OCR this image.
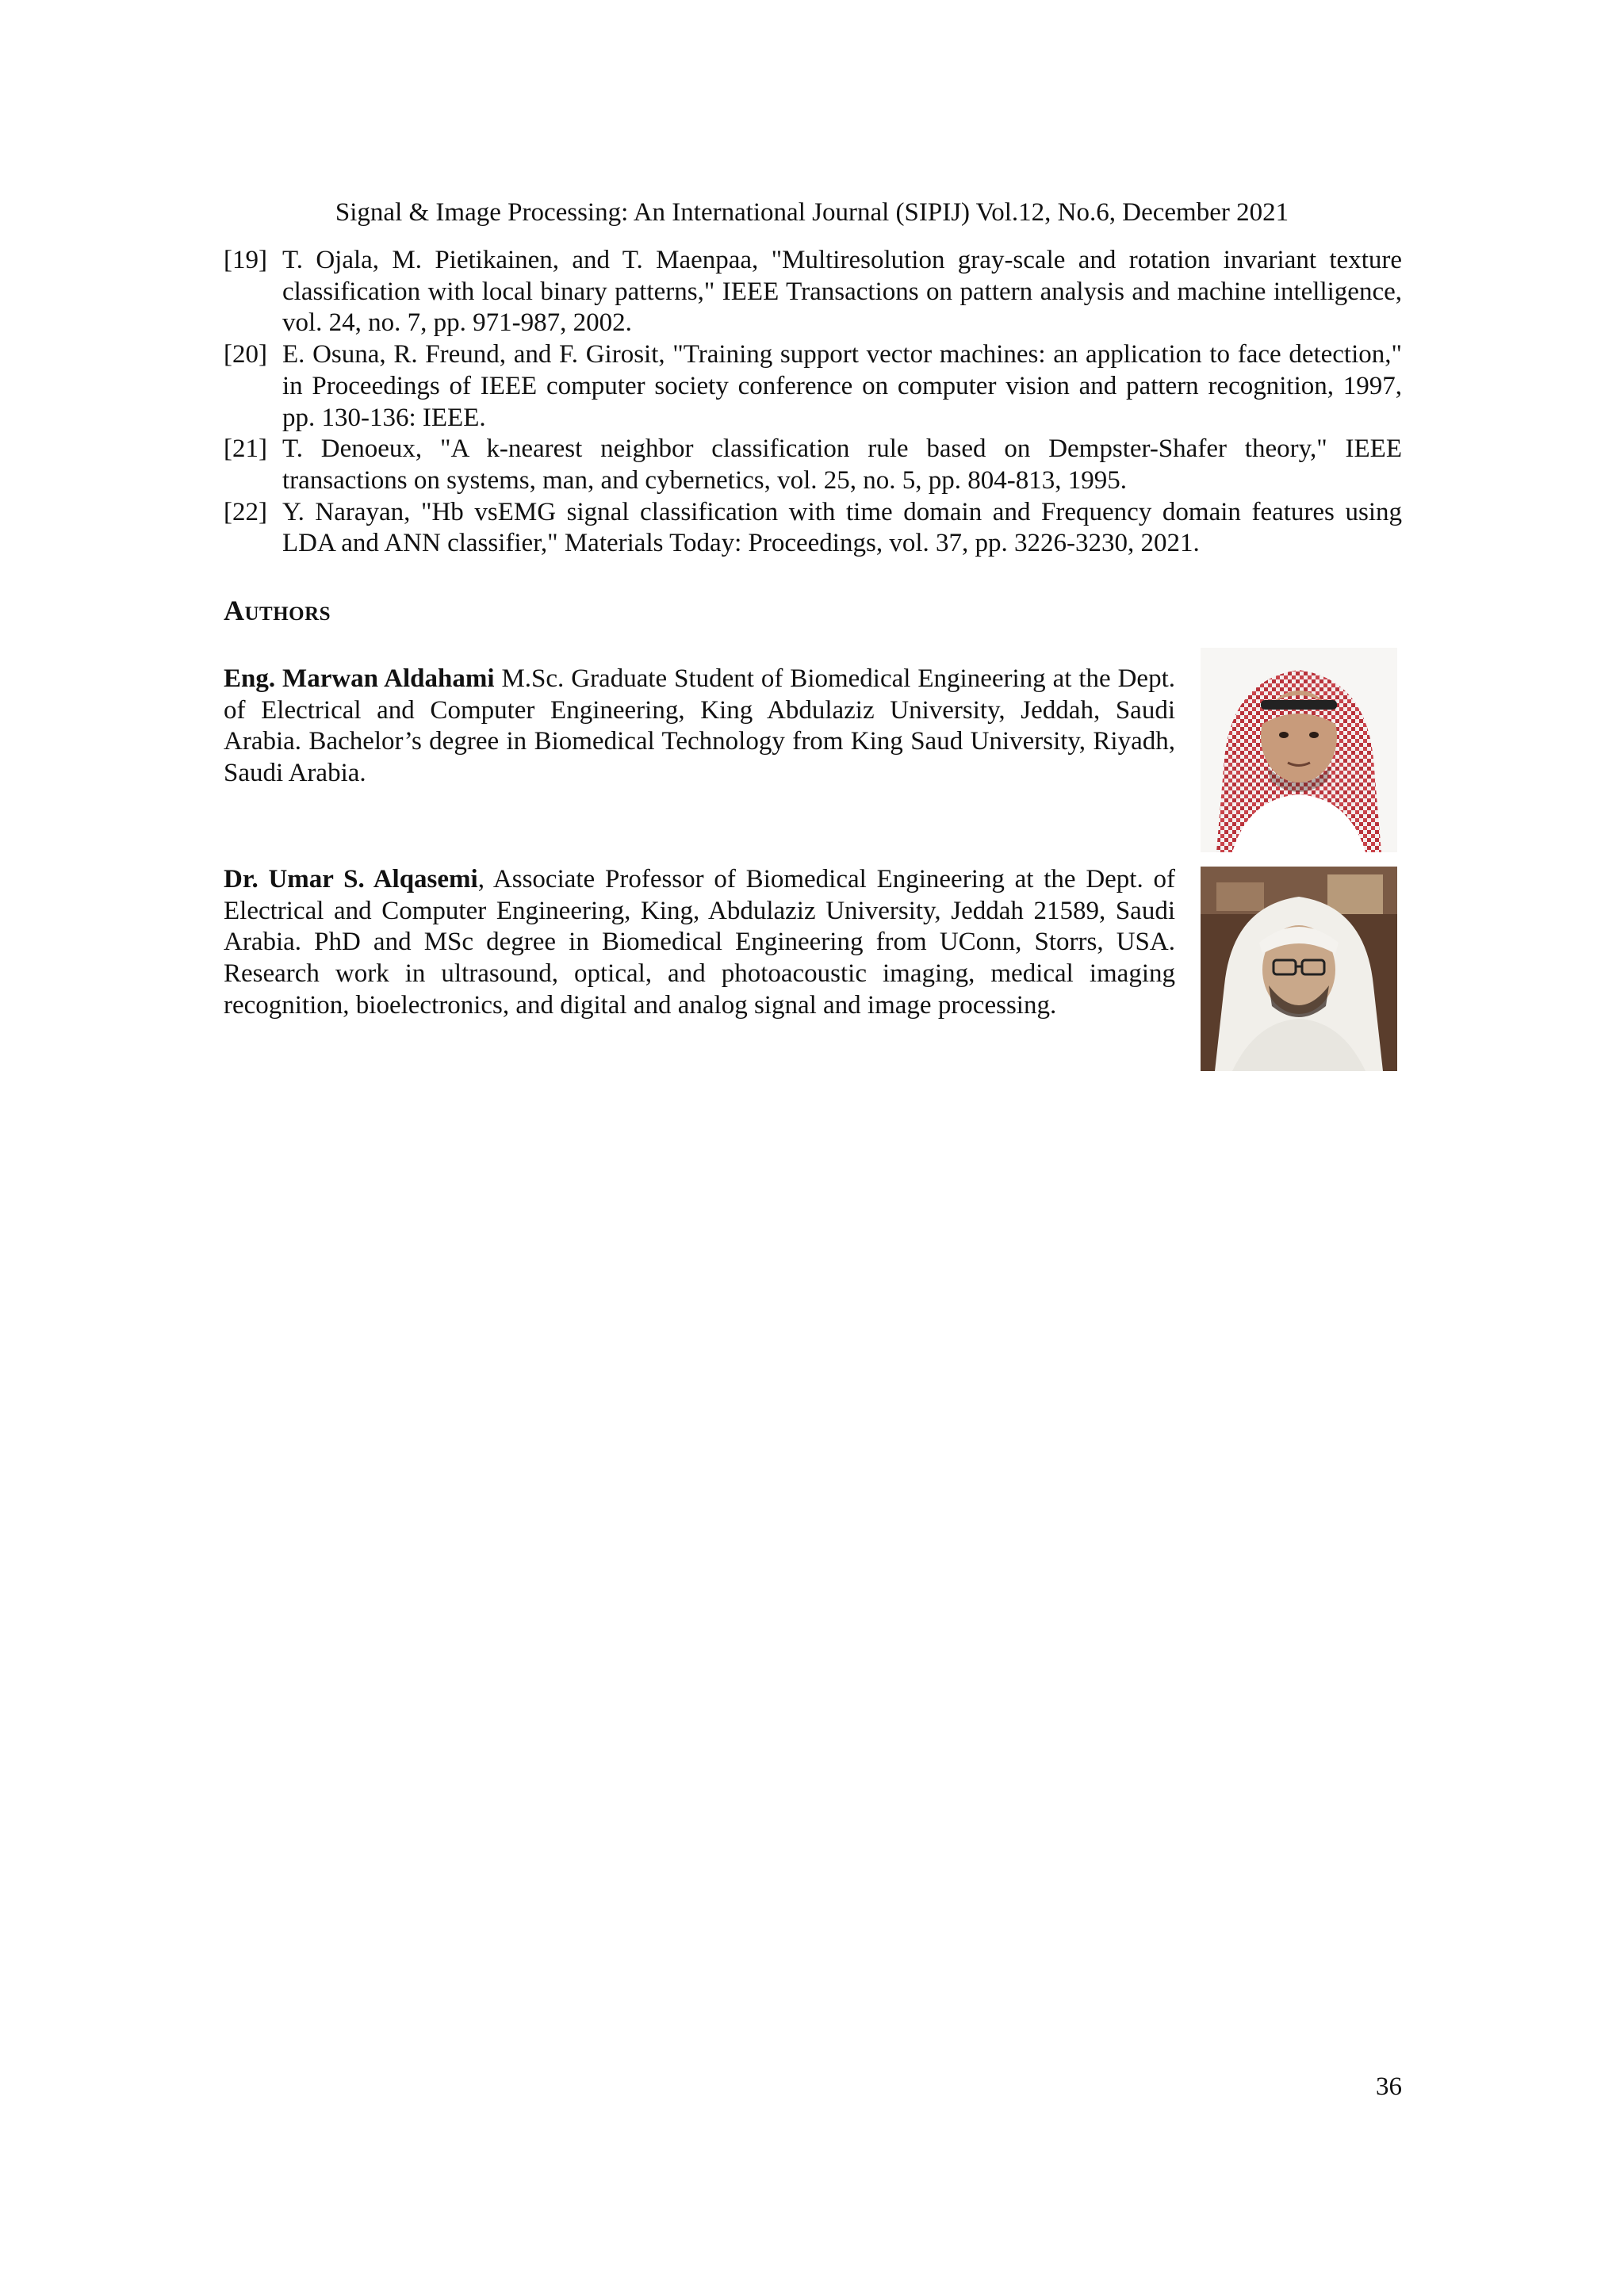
Signal & Image Processing: An International Journal (SIPIJ) Vol.12, No.6, December 2021

[19] T. Ojala, M. Pietikainen, and T. Maenpaa, "Multiresolution gray-scale and rotation invariant texture classification with local binary patterns," IEEE Transactions on pattern analysis and machine intelligence, vol. 24, no. 7, pp. 971-987, 2002.

[20] E. Osuna, R. Freund, and F. Girosit, "Training support vector machines: an application to face detection," in Proceedings of IEEE computer society conference on computer vision and pattern recognition, 1997, pp. 130-136: IEEE.

[21] T. Denoeux, "A k-nearest neighbor classification rule based on Dempster-Shafer theory," IEEE transactions on systems, man, and cybernetics, vol. 25, no. 5, pp. 804-813, 1995.

[22] Y. Narayan, "Hb vsEMG signal classification with time domain and Frequency domain features using LDA and ANN classifier," Materials Today: Proceedings, vol. 37, pp. 3226-3230, 2021.

Authors

Eng. Marwan Aldahami M.Sc. Graduate Student of Biomedical Engineering at the Dept. of Electrical and Computer Engineering, King Abdulaziz University, Jeddah, Saudi Arabia. Bachelor’s degree in Biomedical Technology from King Saud University, Riyadh, Saudi Arabia.

Dr. Umar S. Alqasemi, Associate Professor of Biomedical Engineering at the Dept. of Electrical and Computer Engineering, King, Abdulaziz University, Jeddah 21589, Saudi Arabia. PhD and MSc degree in Biomedical Engineering from UConn, Storrs, USA. Research work in ultrasound, optical, and photoacoustic imaging, medical imaging recognition, bioelectronics, and digital and analog signal and image processing.

36
